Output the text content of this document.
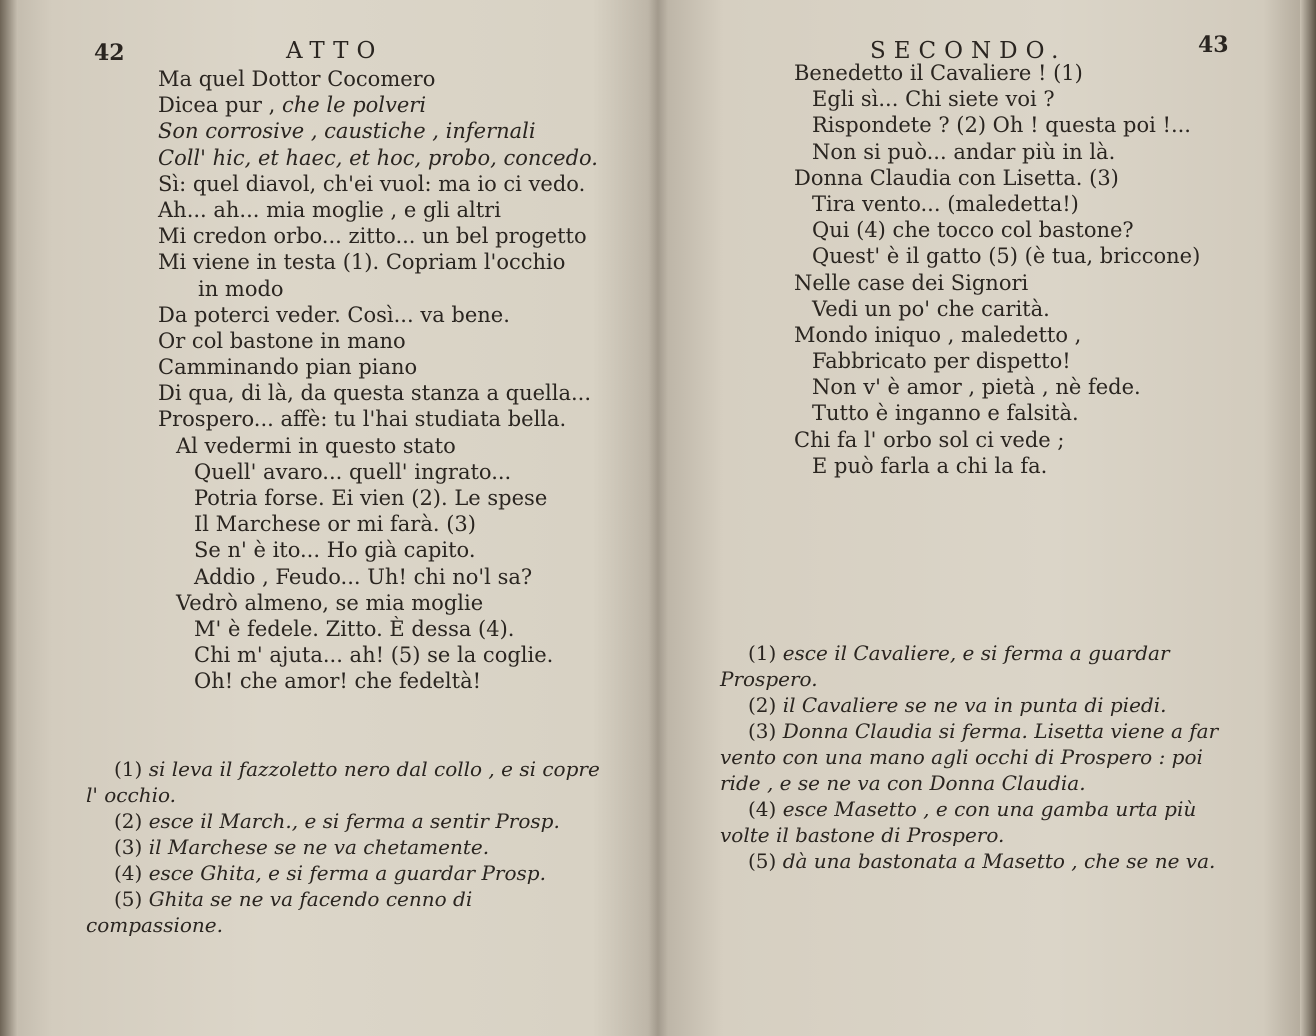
42	ATTO
Ma quel Dottor Cocomero
Dicea pur , che le polveri
Son corrosive , caustiche , infernali
Coll' hic, et haec, et hoc, probo, concedo.
Sì: quel diavol, ch'ei vuol: ma io ci vedo.
Ah... ah... mia moglie , e gli altri
Mi credon orbo... zitto... un bel progetto
Mi viene in testa (1). Copriam l'occhio
in modo
Da poterci veder. Così... va bene.
Or col bastone in mano
Camminando pian piano
Di qua, di là, da questa stanza a quella...
Prospero... affè: tu l'hai studiata bella.
Al vedermi in questo stato
Quell' avaro... quell' ingrato...
Potria forse. Ei vien (2). Le spese
Il Marchese or mi farà. (3)
Se n' è ito... Ho già capito.
Addio , Feudo... Uh! chi no'l sa?
Vedrò almeno, se mia moglie
M' è fedele. Zitto. È dessa (4).
Chi m' ajuta... ah! (5) se la coglie.
Oh! che amor! che fedeltà!

(1) si leva il fazzoletto nero dal collo , e si copre l' occhio.

(2) esce il March., e si ferma a sentir Prosp.

(3) il Marchese se ne va chetamente.

(4) esce Ghita, e si ferma a guardar Prosp.

(5) Ghita se ne va facendo cenno di compassione.

SECONDO.	43
Benedetto il Cavaliere ! (1)
Egli sì... Chi siete voi ?
Rispondete ? (2) Oh ! questa poi !...
Non si può... andar più in là.
Donna Claudia con Lisetta. (3)
Tira vento... (maledetta!)
Qui (4) che tocco col bastone?
Quest' è il gatto (5) (è tua, briccone)
Nelle case dei Signori
Vedi un po' che carità.
Mondo iniquo , maledetto ,
Fabbricato per dispetto!
Non v' è amor , pietà , nè fede.
Tutto è inganno e falsità.
Chi fa l' orbo sol ci vede ;
E può farla a chi la fa.

(1) esce il Cavaliere, e si ferma a guardar Prospero.

(2) il Cavaliere se ne va in punta di piedi.

(3) Donna Claudia si ferma. Lisetta viene a far vento con una mano agli occhi di Prospero : poi ride , e se ne va con Donna Claudia.

(4) esce Masetto , e con una gamba urta più volte il bastone di Prospero.

(5) dà una bastonata a Masetto , che se ne va.
